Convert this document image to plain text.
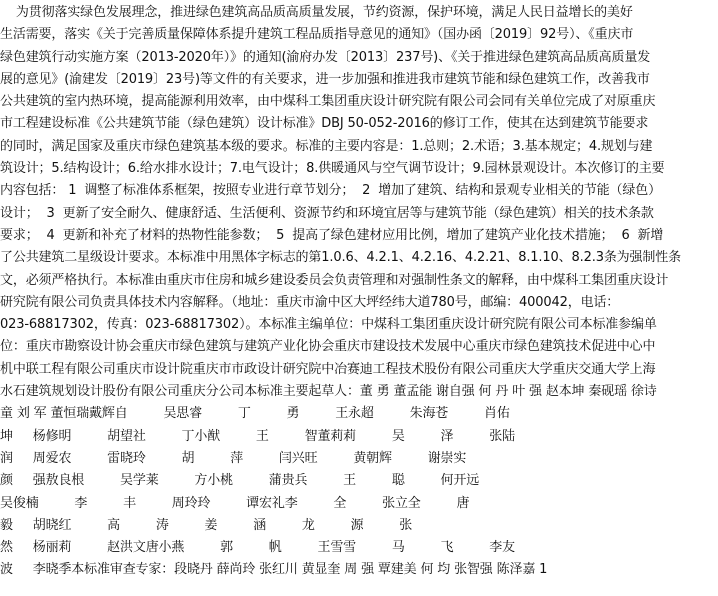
为贯彻落实绿色发展理念，推进绿色建筑高品质高质量发展，节约资源，保护环境，满足人民日益增长的美好
生活需要，落实《关于完善质量保障体系提升建筑工程品质指导意见的通知》（国办函〔2019〕92号）、《重庆市
绿色建筑行动实施方案（2013-2020年）》的通知(渝府办发〔2013〕237号)、《关于推进绿色建筑高品质高质量发
展的意见》(渝建发〔2019〕23号)等文件的有关要求，进一步加强和推进我市建筑节能和绿色建筑工作，改善我市
公共建筑的室内热环境，提高能源利用效率，由中煤科工集团重庆设计研究院有限公司会同有关单位完成了对原重庆
市工程建设标准《公共建筑节能（绿色建筑）设计标准》DBJ 50-052-2016的修订工作，使其在达到建筑节能要求
的同时，满足国家及重庆市绿色建筑基本级的要求。标准的主要内容是：1.总则；2.术语；3.基本规定；4.规划与建
筑设计；5.结构设计；6.给水排水设计；7.电气设计；8.供暖通风与空气调节设计；9.园林景观设计。本次修订的主要
内容包括： 1  调整了标准体系框架，按照专业进行章节划分；  2  增加了建筑、结构和景观专业相关的节能（绿色）
设计；  3  更新了安全耐久、健康舒适、生活便利、资源节约和环境宜居等与建筑节能（绿色建筑）相关的技术条款
要求；  4  更新和补充了材料的热物性能参数；  5  提高了绿色建材应用比例，增加了建筑产业化技术措施；  6  新增
了公共建筑二星级设计要求。本标准中用黑体字标志的第1.0.6、4.2.1、4.2.16、4.2.21、8.1.10、8.2.3条为强制性条
文，必须严格执行。本标准由重庆市住房和城乡建设委员会负责管理和对强制性条文的解释，由中煤科工集团重庆设计
研究院有限公司负责具体技术内容解释。（地址：重庆市渝中区大坪经纬大道780号，邮编：400042，电话：
023-68817302，传真：023-68817302）。本标准主编单位：中煤科工集团重庆设计研究院有限公司本标准参编单
位：重庆市勘察设计协会重庆市绿色建筑与建筑产业化协会重庆市建设技术发展中心重庆市绿色建筑技术促进中心中
机中联工程有限公司重庆市设计院重庆市市政设计研究院中冶赛迪工程技术股份有限公司重庆大学重庆交通大学上海
水石建筑规划设计股份有限公司重庆分公司本标准主要起草人：董 勇 董孟能 谢自强 何 丹 叶 强 赵本坤 秦砚瑶 徐诗
童 刘 军 董恒瑞戴辉自         吴思睿         丁         勇         王永超         朱海苍         肖佑
坤     杨修明         胡望社         丁小猷         王         智董莉莉         吴         泽         张陆
润     周爱农         雷晓玲         胡         萍         闫兴旺         黄朝辉         谢崇实
颜     强敖良根         吴学莱         方小桃         蒲贵兵         王         聪         何开远
吴俊楠         李         丰         周玲玲         谭宏礼李         全         张立全         唐
毅     胡晓红         高         涛         姜         涵         龙         源         张
然     杨丽莉         赵洪文唐小燕         郭         帆         王雪雪         马         飞         李友
波     李晓季本标准审查专家：段晓丹 薛尚玲 张红川 黄显奎 周 强 覃建美 何 均 张智强 陈泽嘉 1
